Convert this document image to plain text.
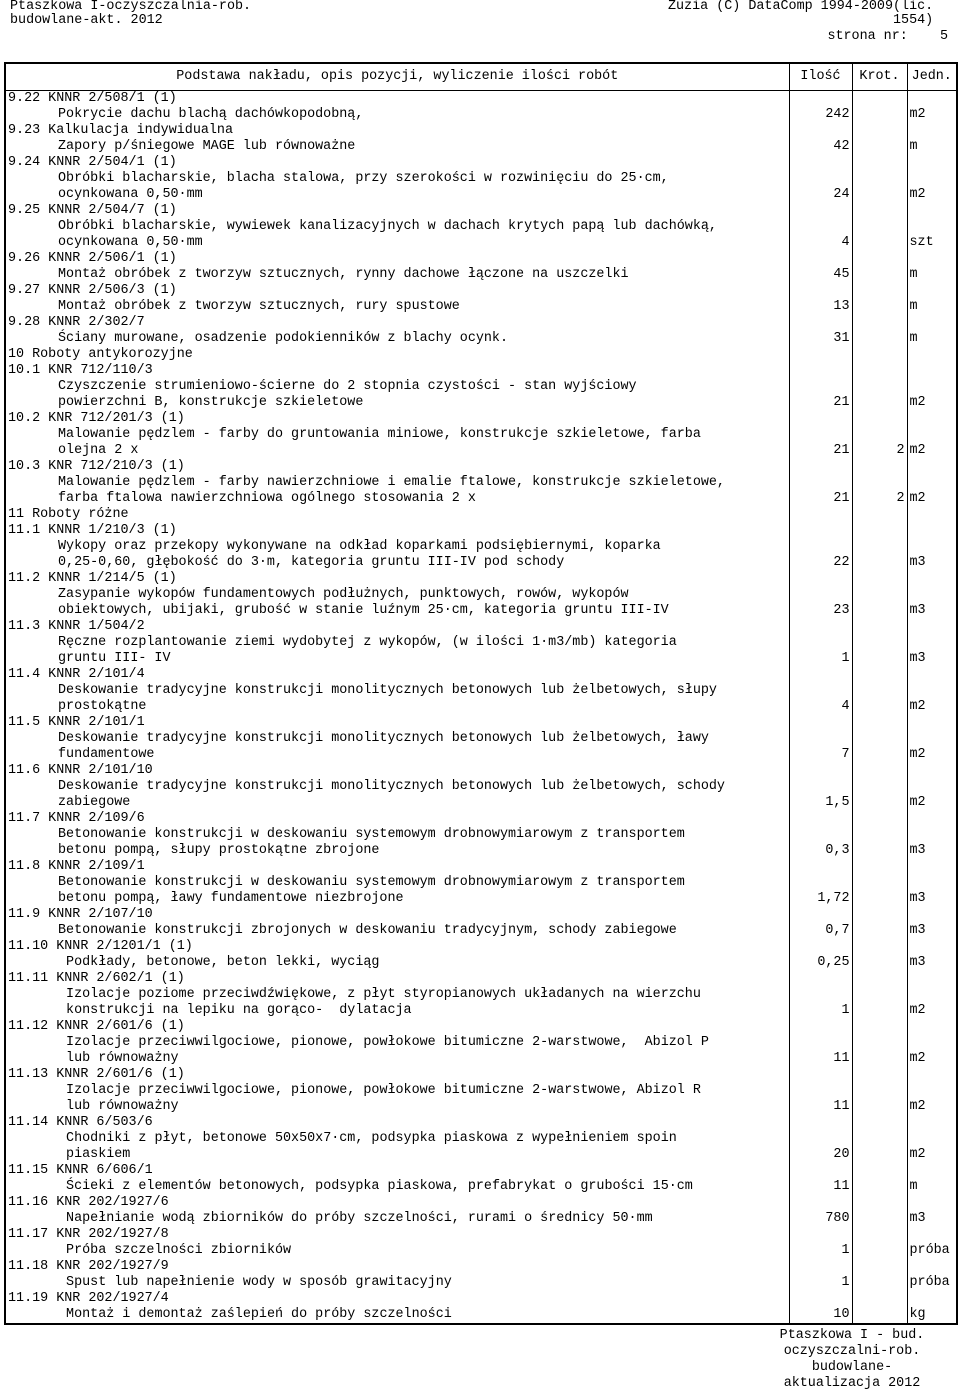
Ptaszkowa I-oczyszczalnia-rob.
budowlane-akt. 2012
Zuzia (C) DataComp 1994-2009(lic.
1554)
strona nr: 5
Podstawa nakładu, opis pozycji, wyliczenie ilości robót	Ilość	Krot.	Jedn.

9.22 KNNR 2/508/1 (1)
Pokrycie dachu blachą dachówkopodobną,	242		m2

9.23 Kalkulacja indywidualna
Zapory p/śniegowe MAGE lub równoważne	42		m

9.24 KNNR 2/504/1 (1)
Obróbki blacharskie, blacha stalowa, przy szerokości w rozwinięciu do 25·cm,
ocynkowana 0,50·mm	24		m2

9.25 KNNR 2/504/7 (1)
Obróbki blacharskie, wywiewek kanalizacyjnych w dachach krytych papą lub dachówką,
ocynkowana 0,50·mm	4		szt

9.26 KNNR 2/506/1 (1)
Montaż obróbek z tworzyw sztucznych, rynny dachowe łączone na uszczelki	45		m

9.27 KNNR 2/506/3 (1)
Montaż obróbek z tworzyw sztucznych, rury spustowe	13		m

9.28 KNNR 2/302/7
Ściany murowane, osadzenie podokienników z blachy ocynk.	31		m
10 Roboty antykorozyjne			

10.1 KNR 712/110/3
Czyszczenie strumieniowo-ścierne do 2 stopnia czystości - stan wyjściowy
powierzchni B, konstrukcje szkieletowe	21		m2

10.2 KNR 712/201/3 (1)
Malowanie pędzlem - farby do gruntowania miniowe, konstrukcje szkieletowe, farba
olejna 2 x	21	2	m2

10.3 KNR 712/210/3 (1)
Malowanie pędzlem - farby nawierzchniowe i emalie ftalowe, konstrukcje szkieletowe,
farba ftalowa nawierzchniowa ogólnego stosowania 2 x	21	2	m2
11 Roboty różne			

11.1 KNNR 1/210/3 (1)
Wykopy oraz przekopy wykonywane na odkład koparkami podsiębiernymi, koparka
0,25-0,60, głębokość do 3·m, kategoria gruntu III-IV pod schody	22		m3

11.2 KNNR 1/214/5 (1)
Zasypanie wykopów fundamentowych podłużnych, punktowych, rowów, wykopów
obiektowych, ubijaki, grubość w stanie luźnym 25·cm, kategoria gruntu III-IV	23		m3

11.3 KNNR 1/504/2
Ręczne rozplantowanie ziemi wydobytej z wykopów, (w ilości 1·m3/mb) kategoria
gruntu III- IV	1		m3

11.4 KNNR 2/101/4
Deskowanie tradycyjne konstrukcji monolitycznych betonowych lub żelbetowych, słupy
prostokątne	4		m2

11.5 KNNR 2/101/1
Deskowanie tradycyjne konstrukcji monolitycznych betonowych lub żelbetowych, ławy
fundamentowe	7		m2

11.6 KNNR 2/101/10
Deskowanie tradycyjne konstrukcji monolitycznych betonowych lub żelbetowych, schody
zabiegowe	1,5		m2

11.7 KNNR 2/109/6
Betonowanie konstrukcji w deskowaniu systemowym drobnowymiarowym z transportem
betonu pompą, słupy prostokątne zbrojone	0,3		m3

11.8 KNNR 2/109/1
Betonowanie konstrukcji w deskowaniu systemowym drobnowymiarowym z transportem
betonu pompą, ławy fundamentowe niezbrojone	1,72		m3

11.9 KNNR 2/107/10
Betonowanie konstrukcji zbrojonych w deskowaniu tradycyjnym, schody zabiegowe	0,7		m3

11.10 KNNR 2/1201/1 (1)
Podkłady, betonowe, beton lekki, wyciąg	0,25		m3

11.11 KNNR 2/602/1 (1)
Izolacje poziome przeciwdźwiękowe, z płyt styropianowych układanych na wierzchu
konstrukcji na lepiku na gorąco-  dylatacja	1		m2

11.12 KNNR 2/601/6 (1)
Izolacje przeciwwilgociowe, pionowe, powłokowe bitumiczne 2-warstwowe,  Abizol P
lub równoważny	11		m2

11.13 KNNR 2/601/6 (1)
Izolacje przeciwwilgociowe, pionowe, powłokowe bitumiczne 2-warstwowe, Abizol R
lub równoważny	11		m2

11.14 KNNR 6/503/6
Chodniki z płyt, betonowe 50x50x7·cm, podsypka piaskowa z wypełnieniem spoin
piaskiem	20		m2

11.15 KNNR 6/606/1
Ścieki z elementów betonowych, podsypka piaskowa, prefabrykat o grubości 15·cm	11		m

11.16 KNR 202/1927/6
Napełnianie wodą zbiorników do próby szczelności, rurami o średnicy 50·mm	780		m3

11.17 KNR 202/1927/8
Próba szczelności zbiorników	1		próba

11.18 KNR 202/1927/9
Spust lub napełnienie wody w sposób grawitacyjny	1		próba

11.19 KNR 202/1927/4
Montaż i demontaż zaślepień do próby szczelności	10		kg
Ptaszkowa I - bud.
oczyszczalni-rob. budowlane-
aktualizacja 2012
